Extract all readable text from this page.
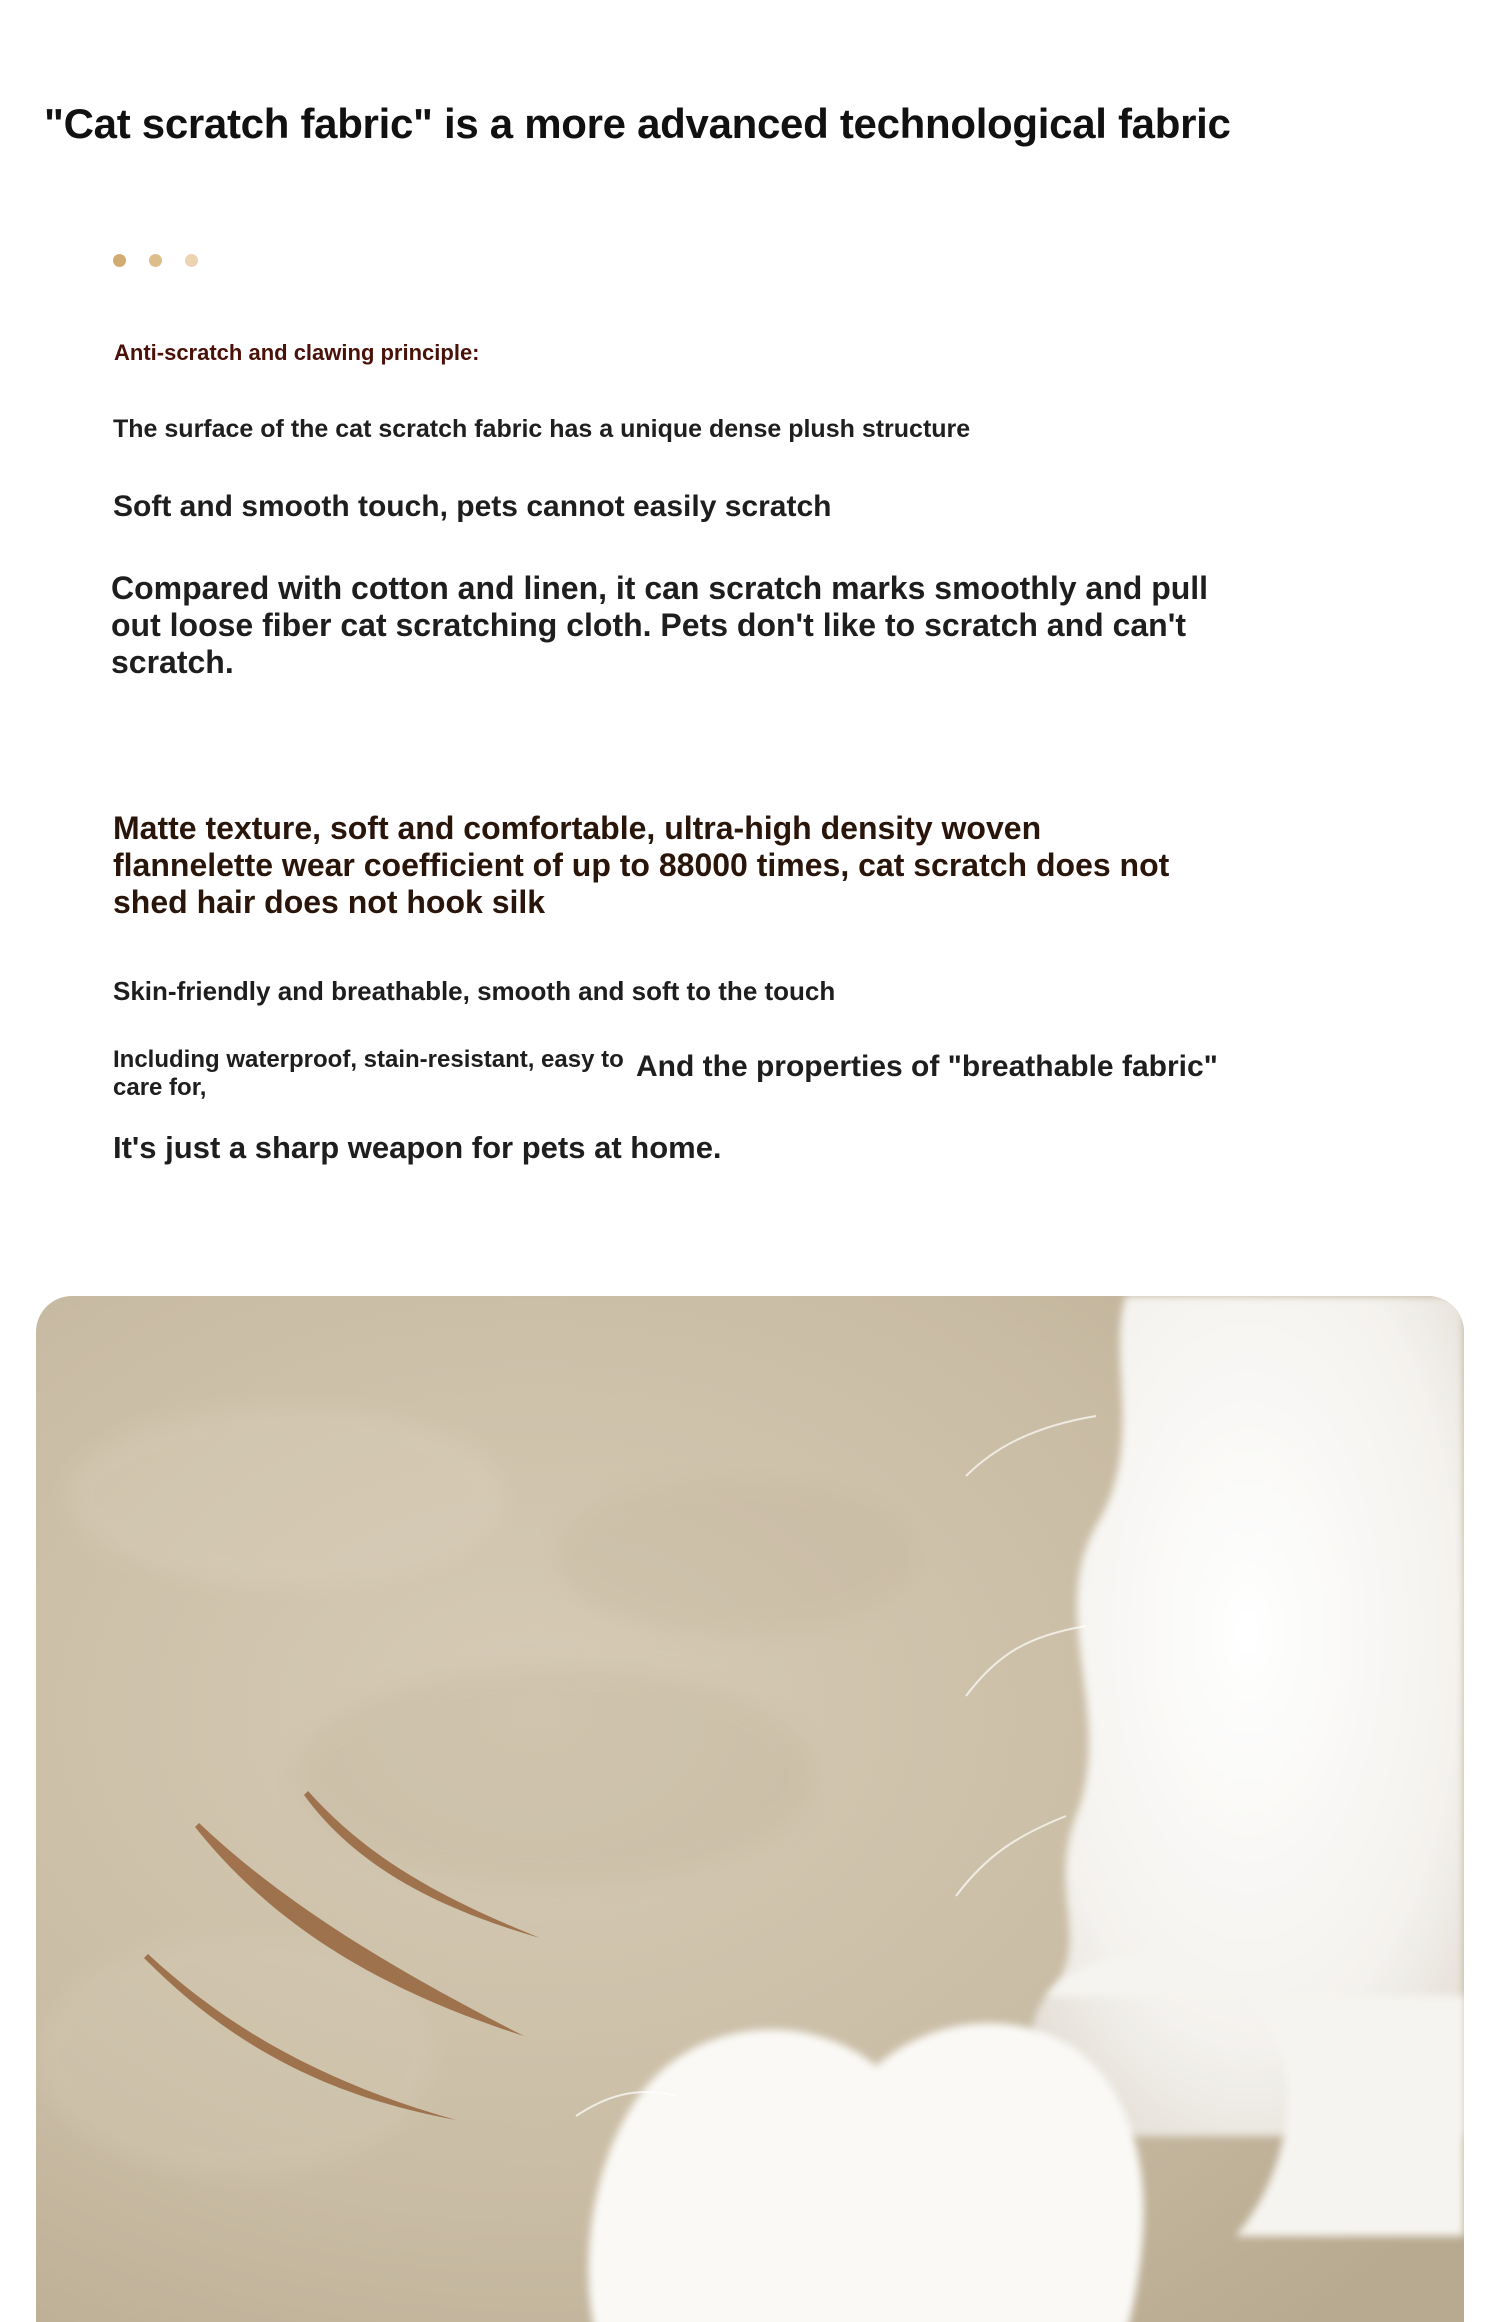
"Cat scratch fabric" is a more advanced technological fabric

Anti-scratch and clawing principle:

The surface of the cat scratch fabric has a unique dense plush structure

Soft and smooth touch, pets cannot easily scratch

Compared with cotton and linen, it can scratch marks smoothly and pull out loose fiber cat scratching cloth. Pets don't like to scratch and can't scratch.

Matte texture, soft and comfortable, ultra-high density woven flannelette wear coefficient of up to 88000 times, cat scratch does not shed hair does not hook silk

Skin-friendly and breathable, smooth and soft to the touch

Including waterproof, stain-resistant, easy to care for,

And the properties of "breathable fabric"

It's just a sharp weapon for pets at home.
